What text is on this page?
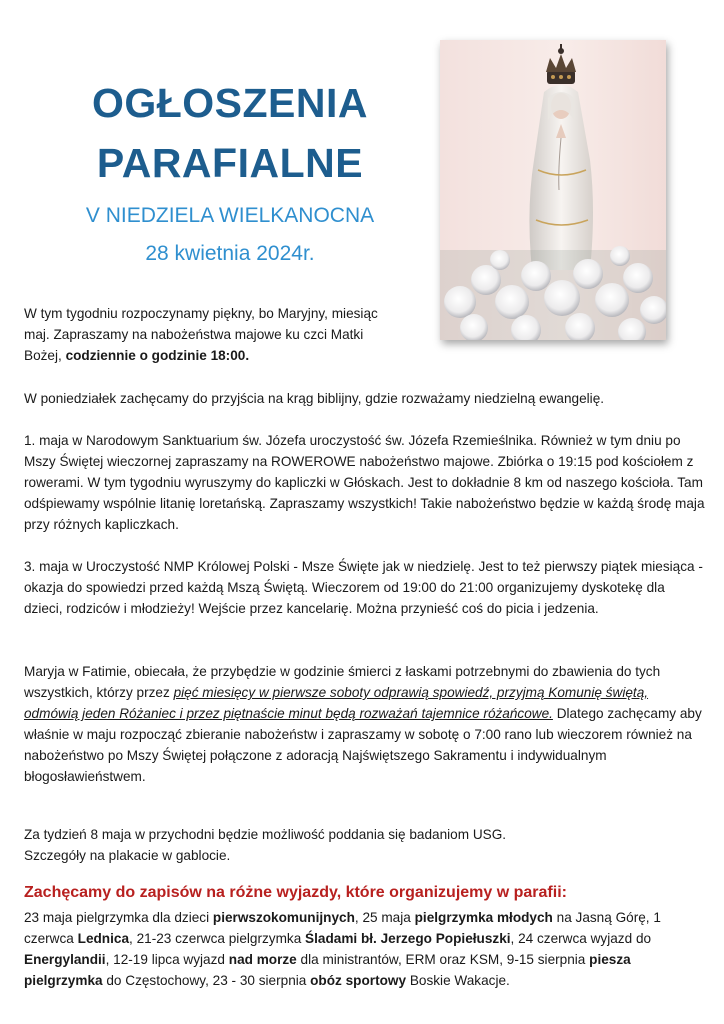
OGŁOSZENIA
PARAFIALNE
V NIEDZIELA WIELKANOCNA
28 kwietnia 2024r.

W tym tygodniu rozpoczynamy piękny, bo Maryjny, miesiąc maj. Zapraszamy na nabożeństwa majowe ku czci Matki Bożej, codziennie o godzinie 18:00.

W poniedziałek zachęcamy do przyjścia na krąg biblijny, gdzie rozważamy niedzielną ewangelię.

1. maja w Narodowym Sanktuarium św. Józefa uroczystość św. Józefa Rzemieślnika. Również w tym dniu po Mszy Świętej wieczornej zapraszamy na ROWEROWE nabożeństwo majowe. Zbiórka o 19:15 pod kościołem z rowerami. W tym tygodniu wyruszymy do kapliczki w Głóskach. Jest to dokładnie 8 km od naszego kościoła. Tam odśpiewamy wspólnie litanię loretańską. Zapraszamy wszystkich! Takie nabożeństwo będzie w każdą środę maja przy różnych kapliczkach.

3. maja w Uroczystość NMP Królowej Polski - Msze Święte jak w niedzielę. Jest to też pierwszy piątek miesiąca - okazja do spowiedzi przed każdą Mszą Świętą. Wieczorem od 19:00 do 21:00 organizujemy dyskotekę dla dzieci, rodziców i młodzieży! Wejście przez kancelarię. Można przynieść coś do picia i jedzenia.

Maryja w Fatimie, obiecała, że przybędzie w godzinie śmierci z łaskami potrzebnymi do zbawienia do tych wszystkich, którzy przez pięć miesięcy w pierwsze soboty odprawią spowiedź, przyjmą Komunię świętą, odmówią jeden Różaniec i przez piętnaście minut będą rozważań tajemnice różańcowe. Dlatego zachęcamy aby właśnie w maju rozpocząć zbieranie nabożeństw i zapraszamy w sobotę o 7:00 rano lub wieczorem również na nabożeństwo po Mszy Świętej połączone z adoracją Najświętszego Sakramentu i indywidualnym błogosławieństwem.

Za tydzień 8 maja w przychodni będzie możliwość poddania się badaniom USG.
Szczegóły na plakacie w gablocie.

Zachęcamy do zapisów na różne wyjazdy, które organizujemy w parafii:

23 maja pielgrzymka dla dzieci pierwszokomunijnych, 25 maja pielgrzymka młodych na Jasną Górę, 1 czerwca Lednica, 21-23 czerwca pielgrzymka Śladami bł. Jerzego Popiełuszki, 24 czerwca wyjazd do Energylandii, 12-19 lipca wyjazd nad morze dla ministrantów, ERM oraz KSM, 9-15 sierpnia piesza pielgrzymka do Częstochowy, 23 - 30 sierpnia obóz sportowy Boskie Wakacje.
